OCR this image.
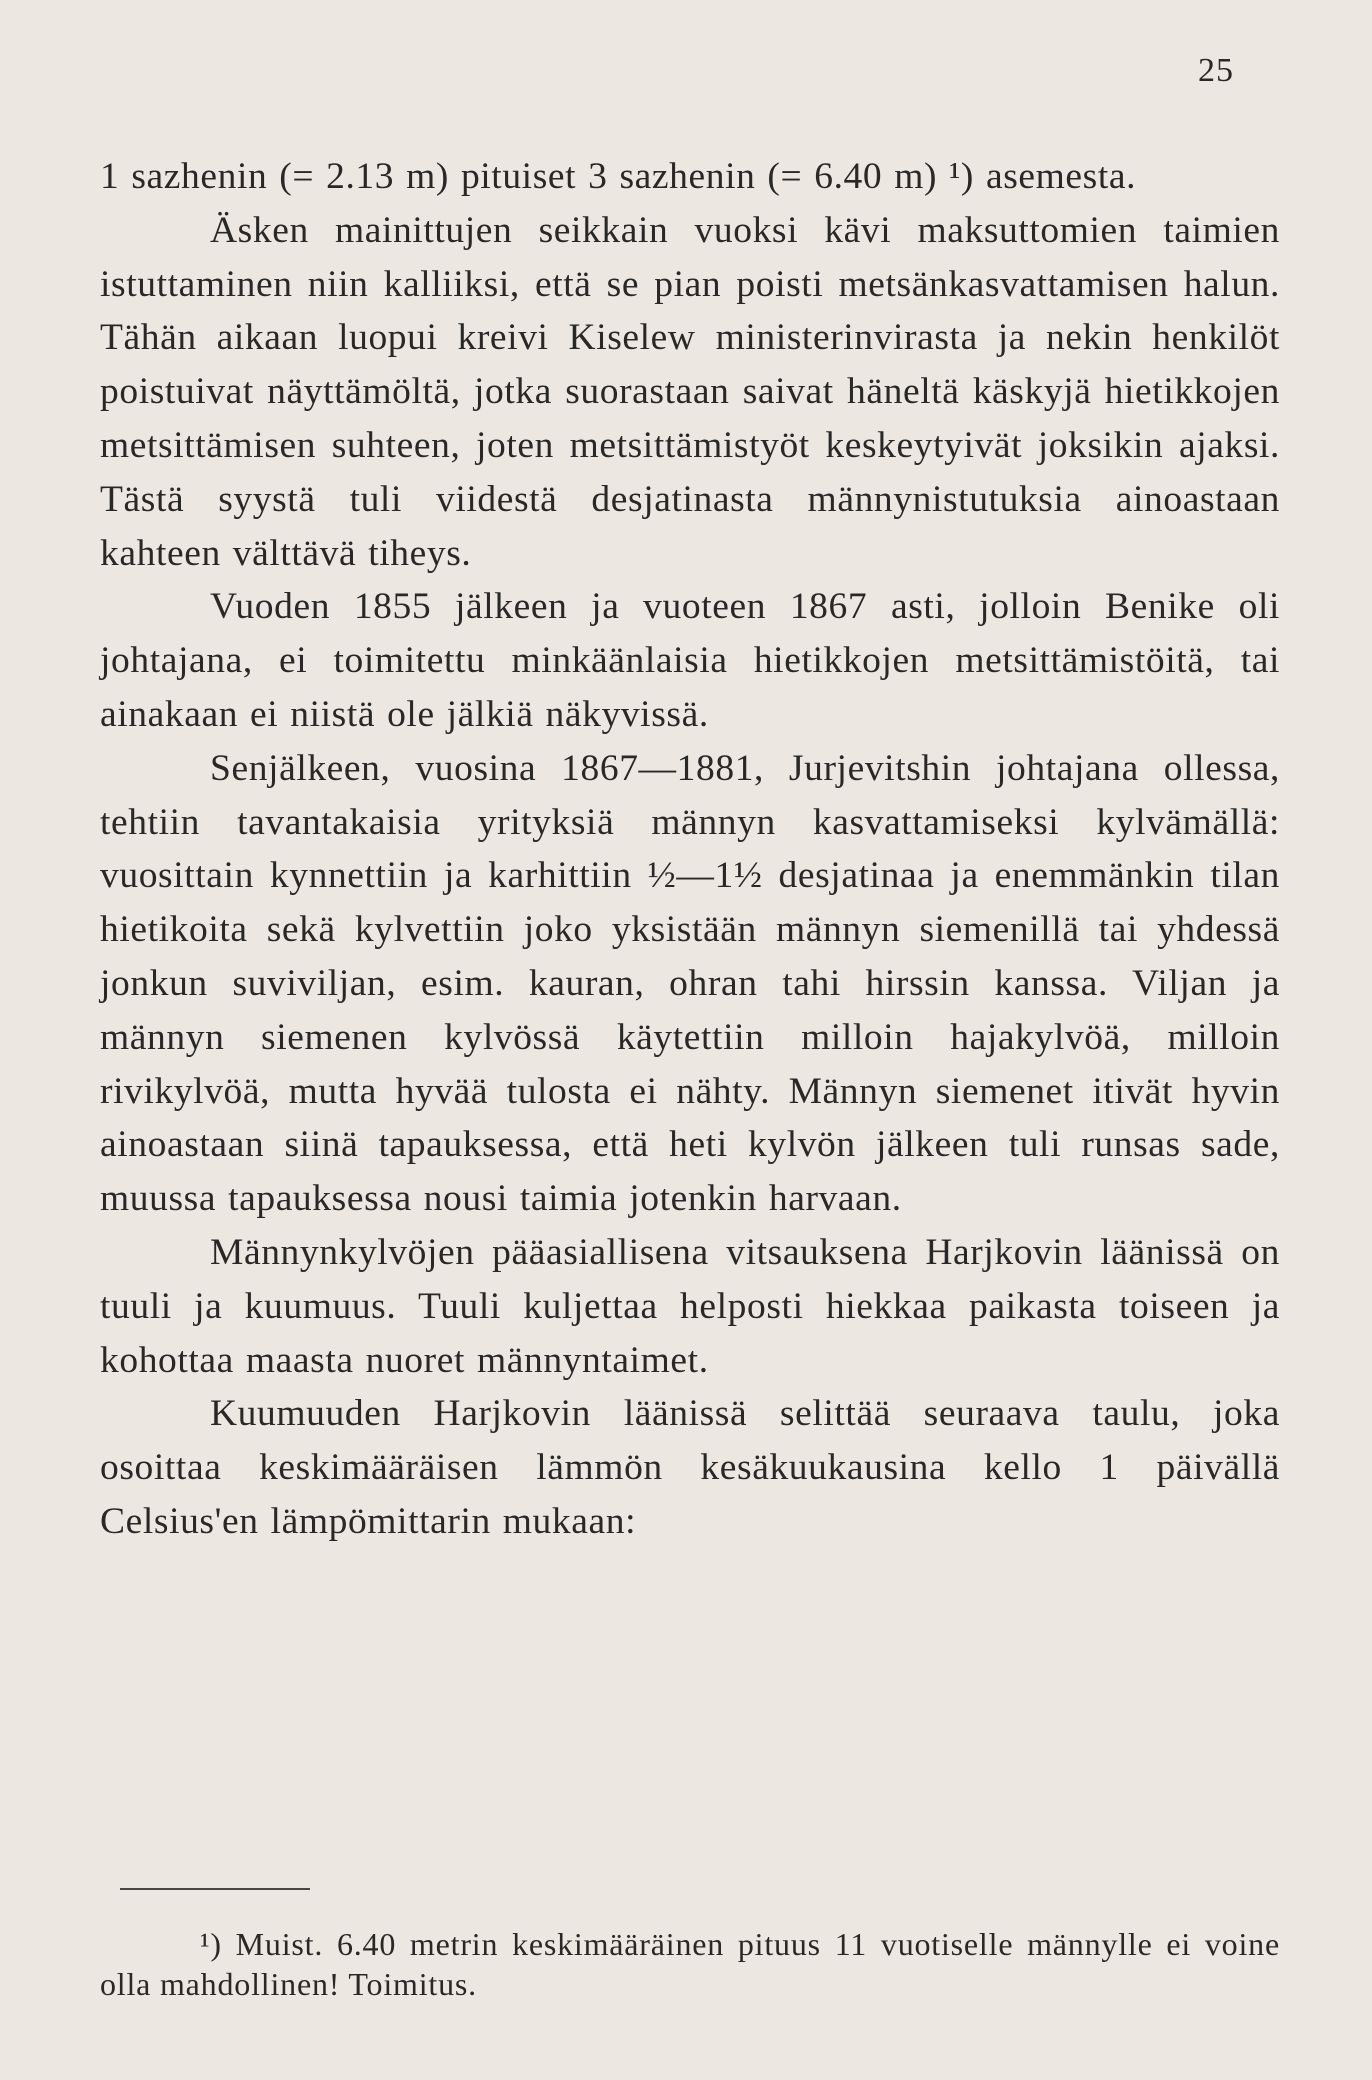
25

1 sazhenin (= 2.13 m) pituiset 3 sazhenin (= 6.40 m) ¹) asemesta.

Äsken mainittujen seikkain vuoksi kävi maksuttomien taimien istuttaminen niin kalliiksi, että se pian poisti metsänkasvattamisen halun. Tähän aikaan luopui kreivi Kiselew ministerinvirasta ja nekin henkilöt poistuivat näyttämöltä, jotka suorastaan saivat häneltä käskyjä hietikkojen metsittämisen suhteen, joten metsittämistyöt keskeytyivät joksikin ajaksi. Tästä syystä tuli viidestä desjatinasta männynistutuksia ainoastaan kahteen välttävä tiheys.

Vuoden 1855 jälkeen ja vuoteen 1867 asti, jolloin Benike oli johtajana, ei toimitettu minkäänlaisia hietikkojen metsittämistöitä, tai ainakaan ei niistä ole jälkiä näkyvissä.

Senjälkeen, vuosina 1867—1881, Jurjevitshin johtajana ollessa, tehtiin tavantakaisia yrityksiä männyn kasvattamiseksi kylvämällä: vuosittain kynnettiin ja karhittiin ½—1½ desjatinaa ja enemmänkin tilan hietikoita sekä kylvettiin joko yksistään männyn siemenillä tai yhdessä jonkun suviviljan, esim. kauran, ohran tahi hirssin kanssa. Viljan ja männyn siemenen kylvössä käytettiin milloin hajakylvöä, milloin rivikylvöä, mutta hyvää tulosta ei nähty. Männyn siemenet itivät hyvin ainoastaan siinä tapauksessa, että heti kylvön jälkeen tuli runsas sade, muussa tapauksessa nousi taimia jotenkin harvaan.

Männynkylvöjen pääasiallisena vitsauksena Harjkovin läänissä on tuuli ja kuumuus. Tuuli kuljettaa helposti hiekkaa paikasta toiseen ja kohottaa maasta nuoret männyntaimet.

Kuumuuden Harjkovin läänissä selittää seuraava taulu, joka osoittaa keskimääräisen lämmön kesäkuukausina kello 1 päivällä Celsius'en lämpömittarin mukaan:

¹) Muist. 6.40 metrin keskimääräinen pituus 11 vuotiselle männylle ei voine olla mahdollinen! Toimitus.
